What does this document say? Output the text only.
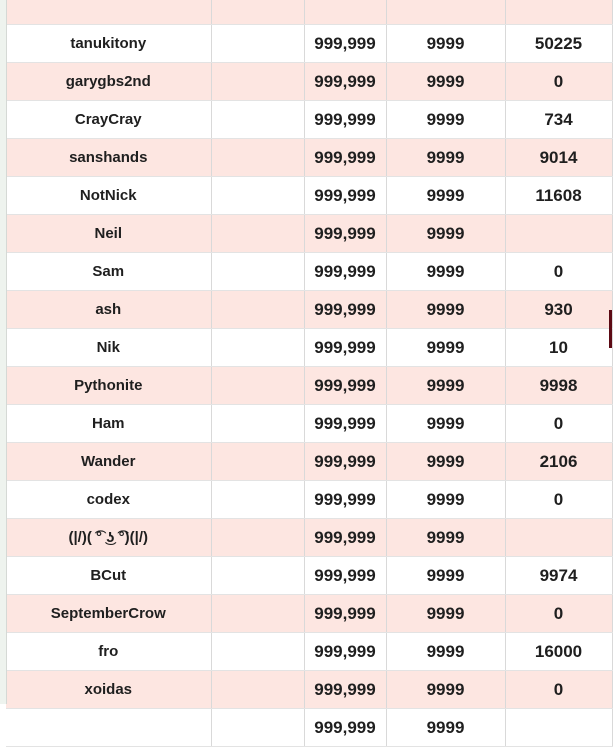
tanukitony		999,999	9999	50225
garygbs2nd		999,999	9999	0
CrayCray		999,999	9999	734
sanshands		999,999	9999	9014
NotNick		999,999	9999	11608
Neil		999,999	9999	
Sam		999,999	9999	0
ash		999,999	9999	930
Nik		999,999	9999	10
Pythonite		999,999	9999	9998
Ham		999,999	9999	0
Wander		999,999	9999	2106
codex		999,999	9999	0
(|/)( ͡° ͜ʖ ͡°)(|/)		999,999	9999	
BCut		999,999	9999	9974
SeptemberCrow		999,999	9999	0
fro		999,999	9999	16000
xoidas		999,999	9999	0
		999,999	9999	
